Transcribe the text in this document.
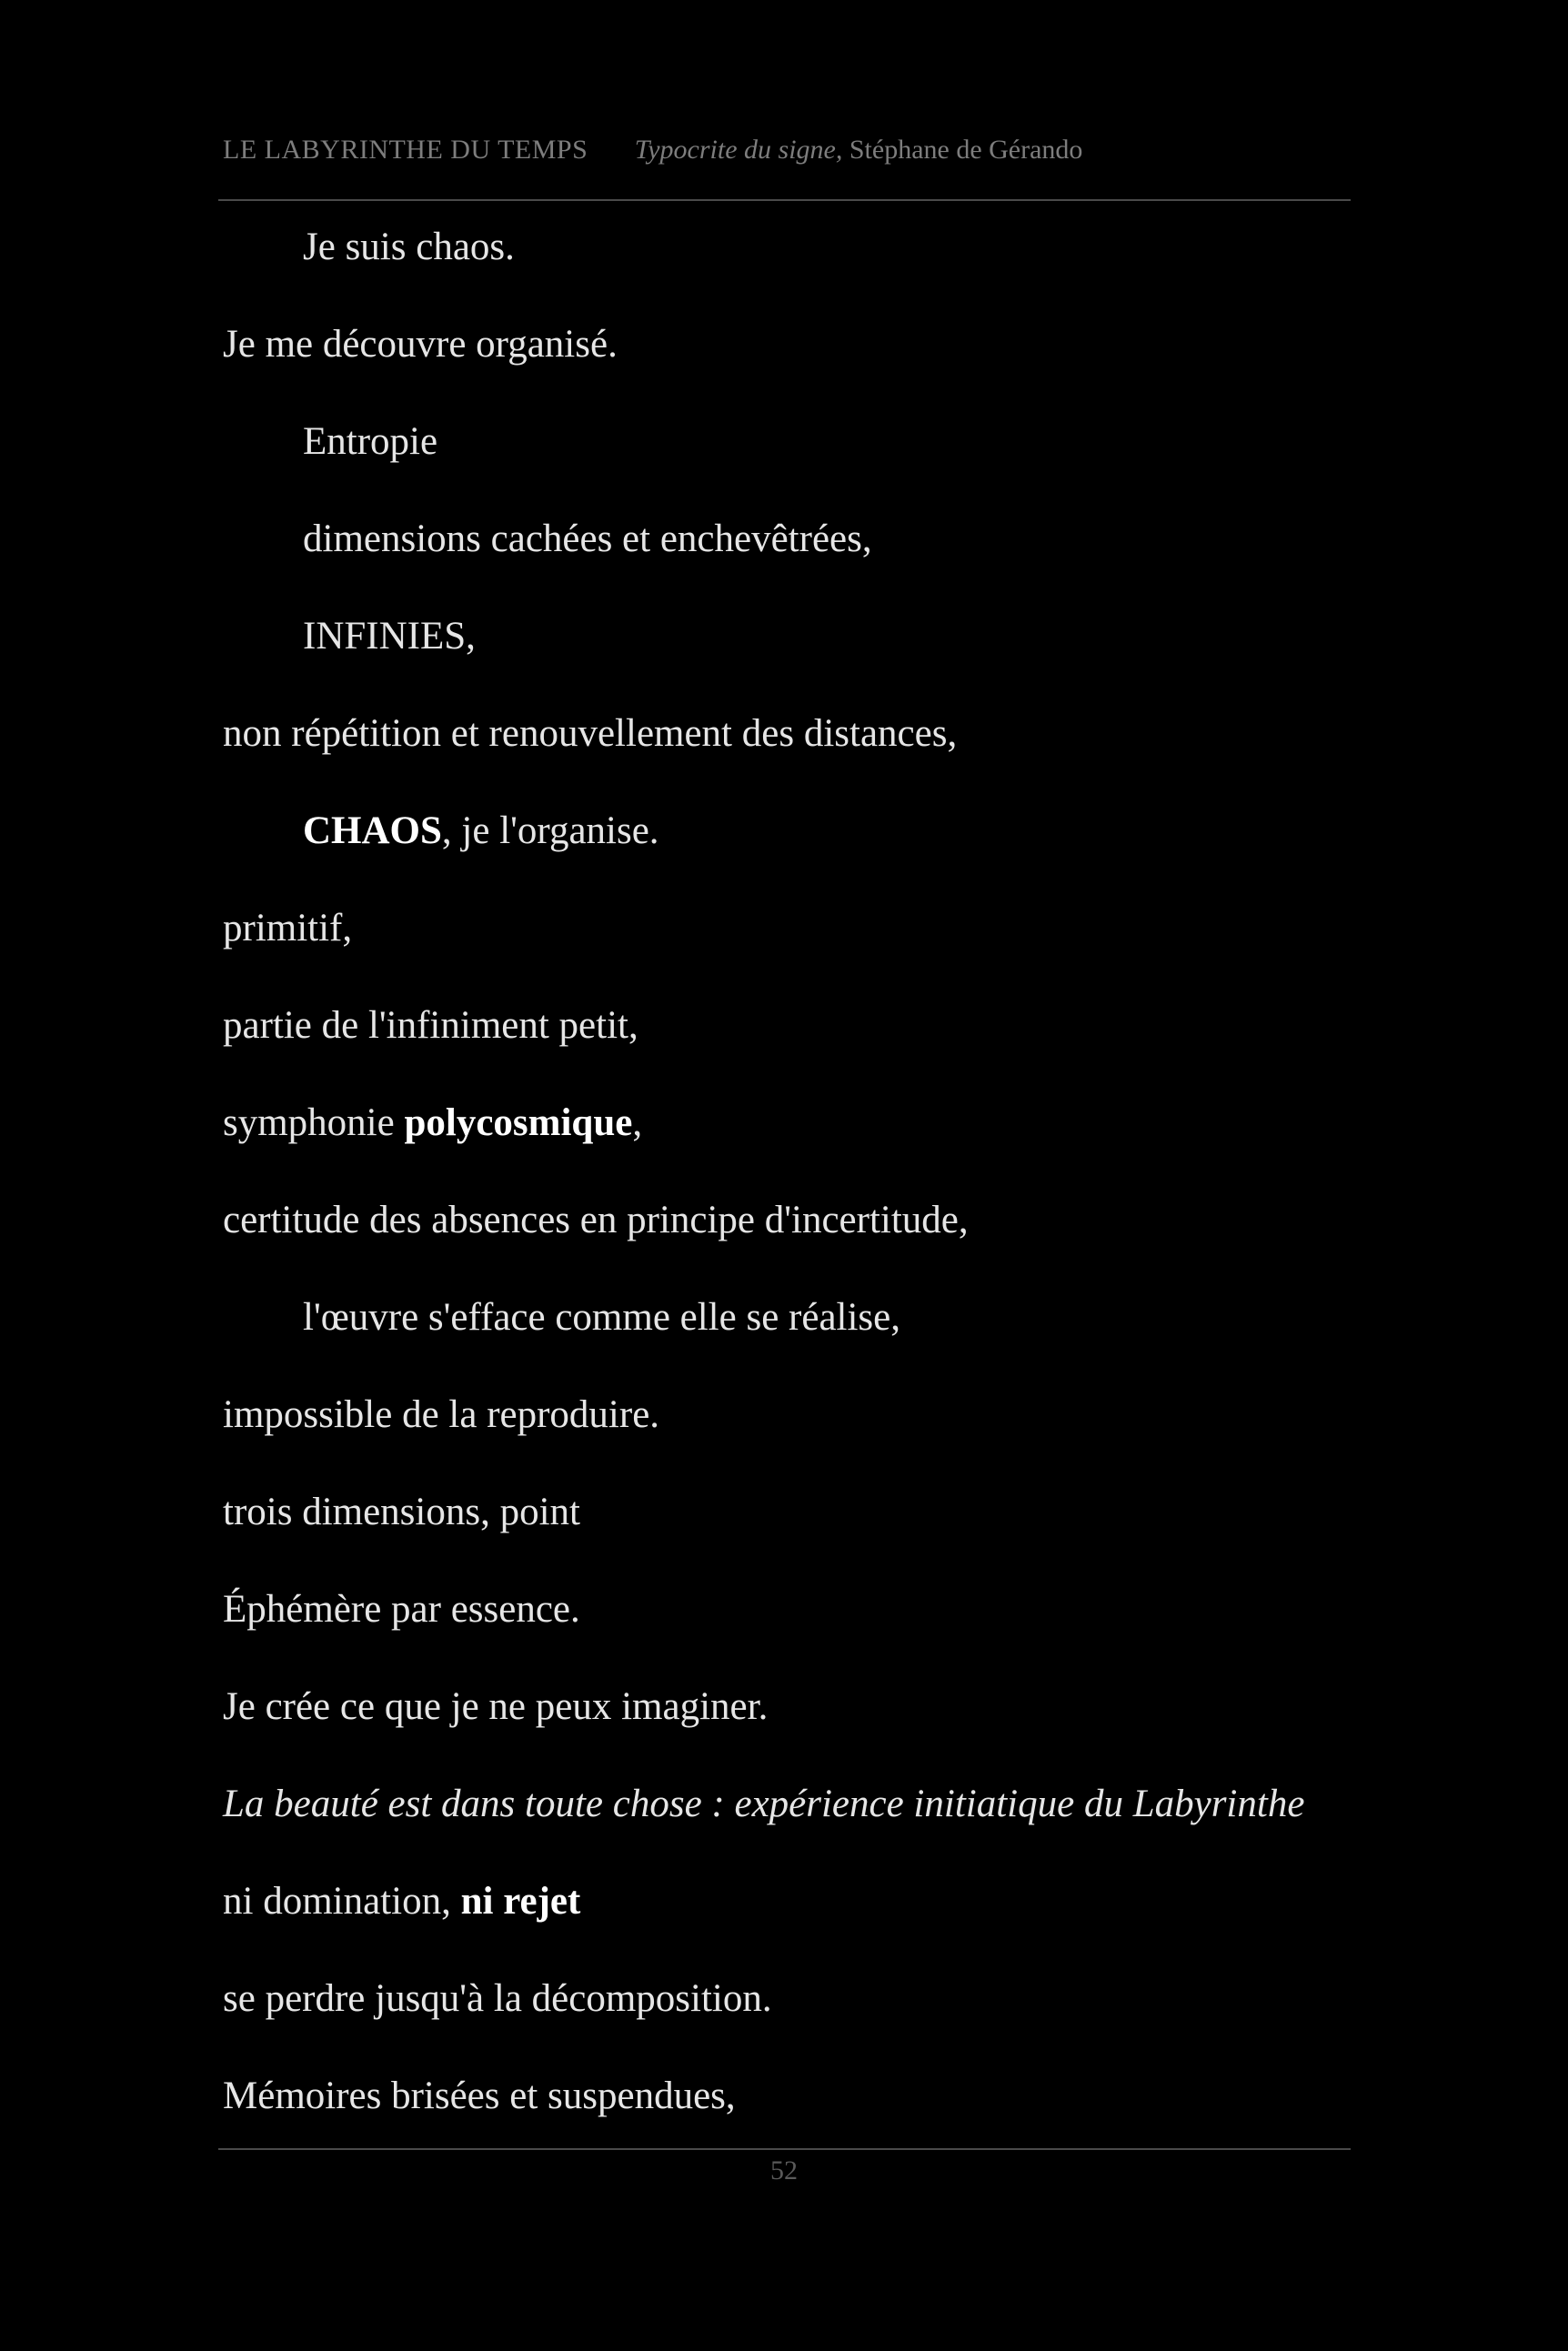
LE LABYRINTHE DU TEMPS Typocrite du signe, Stéphane de Gérando
Je suis chaos.
Je me découvre organisé.
Entropie
dimensions cachées et enchevêtrées,
INFINIES,
non répétition et renouvellement des distances,
CHAOS, je l'organise.
primitif,
partie de l'infiniment petit,
symphonie polycosmique,
certitude des absences en principe d'incertitude,
l'œuvre s'efface comme elle se réalise,
impossible de la reproduire.
trois dimensions, point
Éphémère par essence.
Je crée ce que je ne peux imaginer.
La beauté est dans toute chose : expérience initiatique du Labyrinthe
ni domination, ni rejet
se perdre jusqu'à la décomposition.
Mémoires brisées et suspendues,
52
